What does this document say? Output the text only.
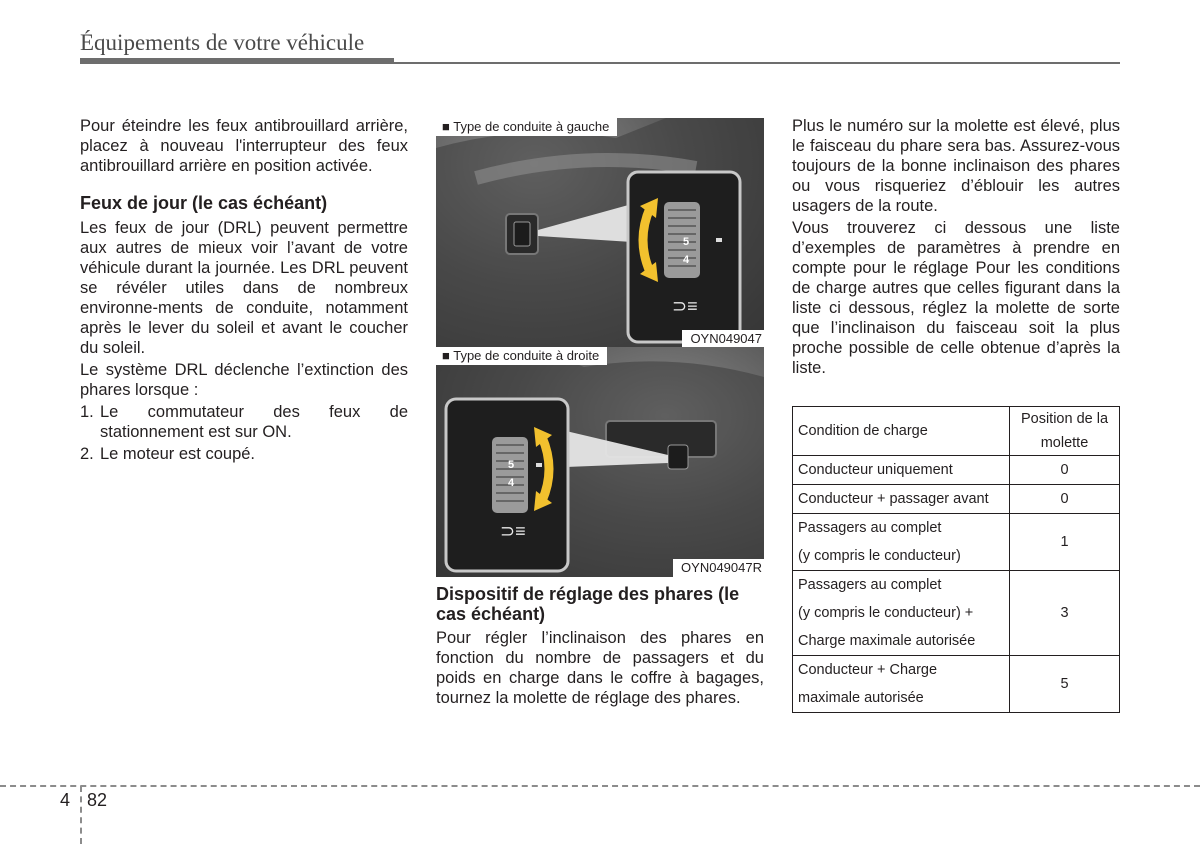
Équipements de votre véhicule

Pour éteindre les feux antibrouillard arrière, placez à nouveau l'interrupteur des feux antibrouillard arrière en position activée.

Feux de jour (le cas échéant)

Les feux de jour (DRL) peuvent permettre aux autres de mieux voir l’avant de votre véhicule durant la journée. Les DRL peuvent se révéler utiles dans de nombreux environne-ments de conduite, notamment après le lever du soleil et avant le coucher du soleil.

Le système DRL déclenche l’extinction des phares lorsque :

1. Le commutateur des feux de stationnement est sur ON.
2. Le moteur est coupé.
5
4
⊃≡
■ Type de conduite à gauche
OYN049047
5
4
⊃≡
■ Type de conduite à droite
OYN049047R
Dispositif de réglage des phares (le cas échéant)

Pour régler l’inclinaison des phares en fonction du nombre de passagers et du poids en charge dans le coffre à bagages, tournez la molette de réglage des phares.

Plus le numéro sur la molette est élevé, plus le faisceau du phare sera bas. Assurez-vous toujours de la bonne inclinaison des phares ou vous risqueriez d’éblouir les autres usagers de la route.

Vous trouverez ci dessous une liste d’exemples de paramètres à prendre en compte pour le réglage Pour les conditions de charge autres que celles figurant dans la liste ci dessous, réglez la molette de sorte que l’inclinaison du faisceau soit la plus proche possible de celle obtenue d’après la liste.

Condition de charge	Position de la molette

Conducteur uniquement	0

Conducteur + passager avant	0

Passagers au complet
(y compris le conducteur)	1

Passagers au complet
(y compris le conducteur) +
Charge maximale autorisée	3

Conducteur + Charge
maximale autorisée	5
4 82
